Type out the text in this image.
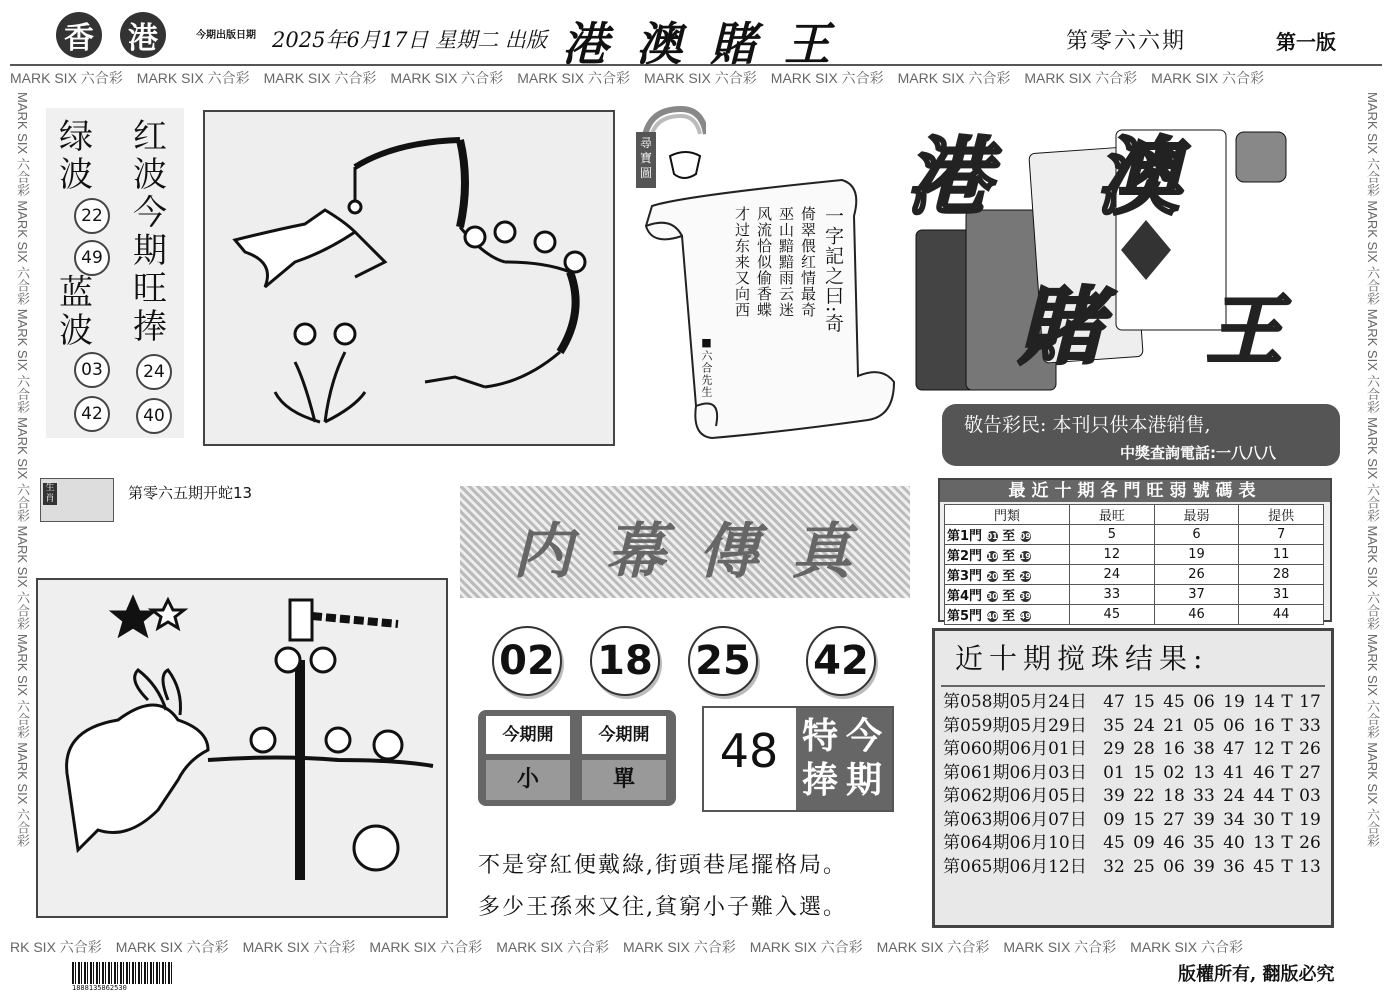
香 港	今期出版日期 2025年6月17日 星期二 出版 港 澳 賭 王	第零六六期	第一版
MARK SIX 六合彩 MARK SIX 六合彩 MARK SIX 六合彩 MARK SIX 六合彩 MARK SIX 六合彩 MARK SIX 六合彩 MARK SIX 六合彩 MARK SIX 六合彩 MARK SIX 六合彩 MARK SIX 六合彩
RK SIX 六合彩 MARK SIX 六合彩 MARK SIX 六合彩 MARK SIX 六合彩 MARK SIX 六合彩 MARK SIX 六合彩 MARK SIX 六合彩 MARK SIX 六合彩 MARK SIX 六合彩 MARK SIX 六合彩
MARK SIX 六合彩 MARK SIX 六合彩 MARK SIX 六合彩 MARK SIX 六合彩 MARK SIX 六合彩 MARK SIX 六合彩 MARK SIX 六合彩
MARK SIX 六合彩 MARK SIX 六合彩 MARK SIX 六合彩 MARK SIX 六合彩 MARK SIX 六合彩 MARK SIX 六合彩 MARK SIX 六合彩
绿
波
22
49
蓝
波
03
42
红
波
今
期
旺
捧
24
40
尋寶圖
一字記之曰:奇
倚翠偎红情最奇
巫山黯黯雨云迷
风流恰似偷香蝶
才过东来又向西
■六合先生
港 澳
賭 王
敬告彩民: 本刊只供本港销售,
中獎查詢電話:一八八八
生肖	第零六五期开蛇13
内 幕 傳 真
02 18 25 42
今期開	今期開
小	單
48	今
期
特
捧
不是穿紅便戴綠,街頭巷尾擺格局。
多少王孫來又往,貧窮小子難入選。
最近十期各門旺弱號碼表
門類	最旺	最弱	提供
第1門 01 至 09	5	6	7
第2門 10 至 19	12	19	11
第3門 20 至 29	24	26	28
第4門 30 至 39	33	37	31
第5門 40 至 49	45	46	44
近十期搅珠结果:
第058期05月24日 47 15 45 06 19 14 T 17
第059期05月29日 35 24 21 05 06 16 T 33
第060期06月01日 29 28 16 38 47 12 T 26
第061期06月03日 01 15 02 13 41 46 T 27
第062期06月05日 39 22 18 33 24 44 T 03
第063期06月07日 09 15 27 39 34 30 T 19
第064期06月10日 45 09 46 35 40 13 T 26
第065期06月12日 32 25 06 39 36 45 T 13
1888135862530
版權所有, 翻版必究
